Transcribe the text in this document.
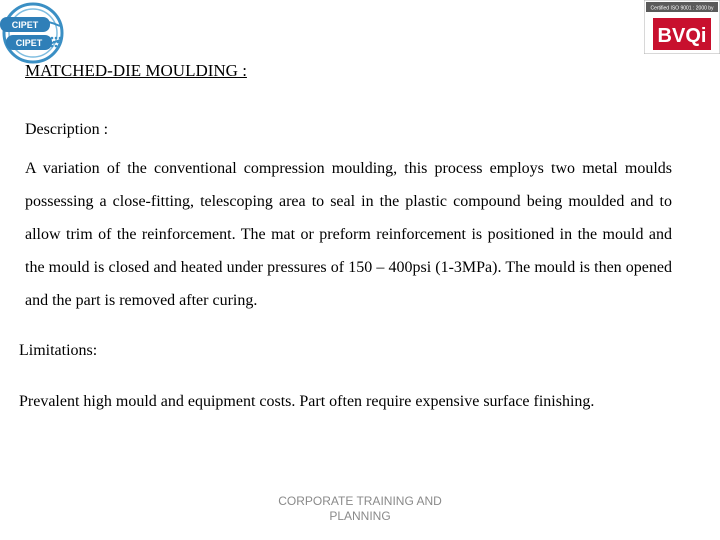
CIPET
CIPET
Certified ISO 9001 : 2000 by
BVQi
MATCHED-DIE MOULDING :
Description :

A variation of the conventional compression moulding, this process employs two metal moulds possessing a close-fitting, telescoping area to seal in the plastic compound being moulded and to allow trim of the reinforcement. The mat or preform reinforcement is positioned in the mould and the mould is closed and heated under pressures of 150 – 400psi (1-3MPa). The mould is then opened and the part is removed after curing.

Limitations:
Prevalent high mould and equipment costs. Part often require expensive surface finishing.
CORPORATE TRAINING AND
PLANNING
